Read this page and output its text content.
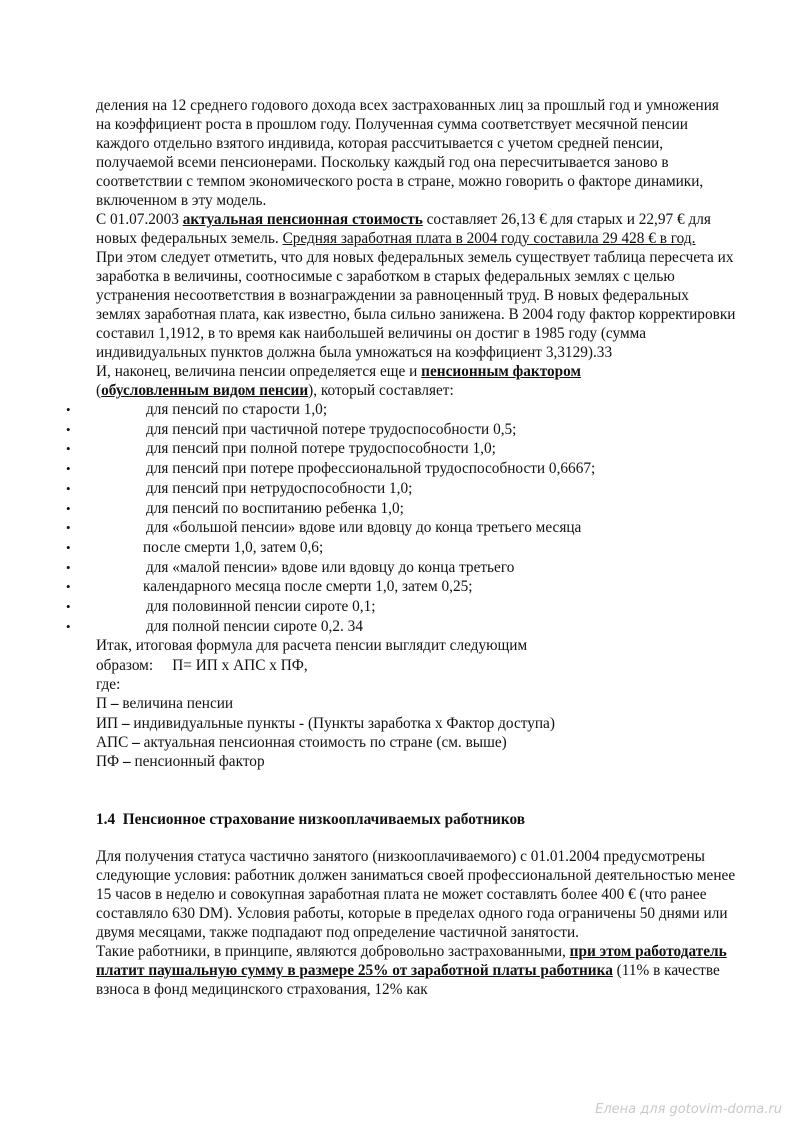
деления на 12 среднего годового дохода всех застрахованных лиц за прошлый год и умножения на коэффициент роста в прошлом году. Полученная сумма соответствует месячной пенсии каждого отдельно взятого индивида, которая рассчитывается с учетом средней пенсии, получаемой всеми пенсионерами. Поскольку каждый год она пересчитывается заново в соответствии с темпом экономического роста в стране, можно говорить о факторе динамики, включенном в эту модель.

С 01.07.2003 актуальная пенсионная стоимость составляет 26,13 € для старых и 22,97 € для новых федеральных земель. Средняя заработная плата в 2004 году составила 29 428 € в год.

При этом следует отметить, что для новых федеральных земель существует таблица пересчета их заработка в величины, соотносимые с заработком в старых федеральных землях с целью устранения несоответствия в вознаграждении за равноценный труд. В новых федеральных землях заработная плата, как известно, была сильно занижена. В 2004 году фактор корректировки составил 1,1912, в то время как наибольшей величины он достиг в 1985 году (сумма индивидуальных пунктов должна была умножаться на коэффициент 3,3129).33

И, наконец, величина пенсии определяется еще и пенсионным фактором
(обусловленным видом пенсии), который составляет:

•	для пенсий по старости 1,0;
•	для пенсий при частичной потере трудоспособности 0,5;
•	для пенсий при полной потере трудоспособности 1,0;
•	для пенсий при потере профессиональной трудоспособности 0,6667;
•	для пенсий при нетрудоспособности 1,0;
•	для пенсий по воспитанию ребенка 1,0;
•	для «большой пенсии» вдове или вдовцу до конца третьего месяца
•	после смерти 1,0, затем 0,6;
•	для «малой пенсии» вдове или вдовцу до конца третьего
•	календарного месяца после смерти 1,0, затем 0,25;
•	для половинной пенсии сироте 0,1;
•	для полной пенсии сироте 0,2. 34

Итак, итоговая формула для расчета пенсии выглядит следующим

образом:     П= ИП х АПС х ПФ,

где:

П – величина пенсии

ИП – индивидуальные пункты - (Пункты заработка х Фактор доступа)

АПС – актуальная пенсионная стоимость по стране (см. выше)

ПФ – пенсионный фактор

1.4 Пенсионное страхование низкооплачиваемых работников

Для получения статуса частично занятого (низкооплачиваемого) с 01.01.2004 предусмотрены следующие условия: работник должен заниматься своей профессиональной деятельностью менее 15 часов в неделю и совокупная заработная плата не может составлять более 400 € (что ранее составляло 630 DM). Условия работы, которые в пределах одного года ограничены 50 днями или двумя месяцами, также подпадают под определение частичной занятости.

Такие работники, в принципе, являются добровольно застрахованными, при этом работодатель платит паушальную сумму в размере 25% от заработной платы работника (11% в качестве взноса в фонд медицинского страхования, 12% как

Елена для gotovim-doma.ru
